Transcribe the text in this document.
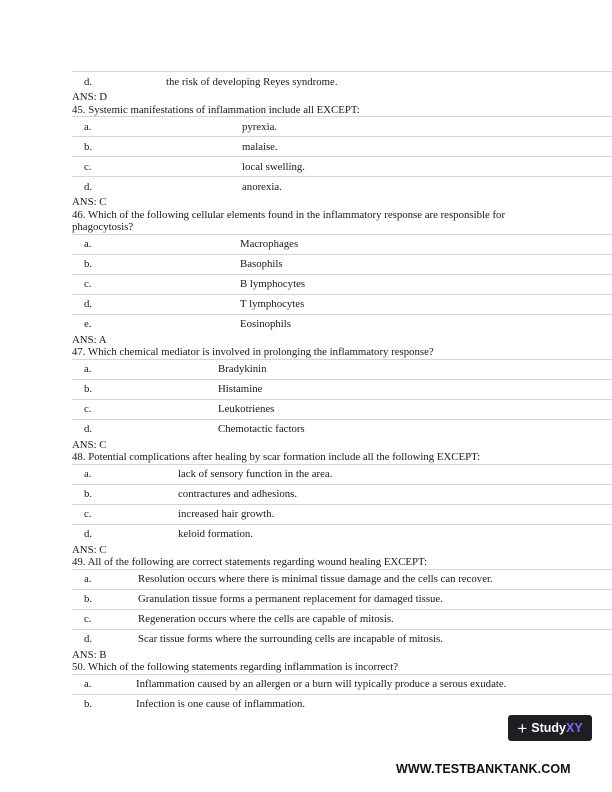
d.	the risk of developing Reyes syndrome.
ANS: D
45. Systemic manifestations of inflammation include all EXCEPT:
a.	pyrexia.
b.	malaise.
c.	local swelling.
d.	anorexia.
ANS: C
46. Which of the following cellular elements found in the inflammatory response are responsible for phagocytosis?
a.	Macrophages
b.	Basophils
c.	B lymphocytes
d.	T lymphocytes
e.	Eosinophils
ANS: A
47. Which chemical mediator is involved in prolonging the inflammatory response?
a.	Bradykinin
b.	Histamine
c.	Leukotrienes
d.	Chemotactic factors
ANS: C
48. Potential complications after healing by scar formation include all the following EXCEPT:
a.	lack of sensory function in the area.
b.	contractures and adhesions.
c.	increased hair growth.
d.	keloid formation.
ANS: C
49. All of the following are correct statements regarding wound healing EXCEPT:
a.	Resolution occurs where there is minimal tissue damage and the cells can recover.
b.	Granulation tissue forms a permanent replacement for damaged tissue.
c.	Regeneration occurs where the cells are capable of mitosis.
d.	Scar tissue forms where the surrounding cells are incapable of mitosis.
ANS: B
50. Which of the following statements regarding inflammation is incorrect?
a.	Inflammation caused by an allergen or a burn will typically produce a serous exudate.
b.	Infection is one cause of inflammation.
+ Study XY
WWW.TESTBANKTANK.COM
